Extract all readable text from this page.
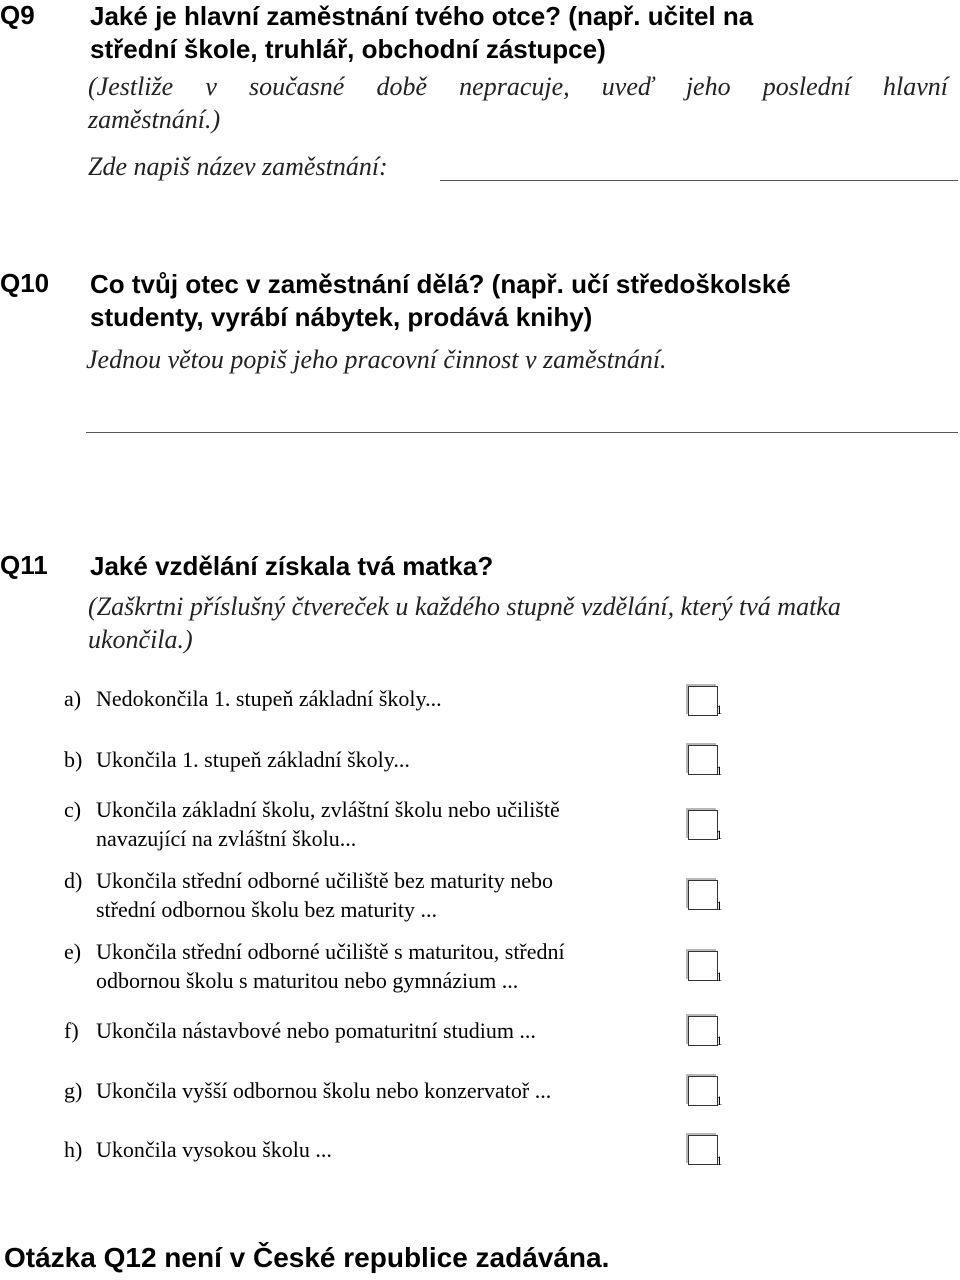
Q9 Jaké je hlavní zaměstnání tvého otce? (např. učitel na
střední škole, truhlář, obchodní zástupce)
(Jestliže v současné době nepracuje, uveď jeho poslední hlavní
zaměstnání.)
Zde napiš název zaměstnání:
Q10 Co tvůj otec v zaměstnání dělá? (např. učí středoškolské
studenty, vyrábí nábytek, prodává knihy)
Jednou větou popiš jeho pracovní činnost v zaměstnání.
Q11 Jaké vzdělání získala tvá matka?
(Zaškrtni příslušný čtvereček u každého stupně vzdělání, který tvá matka
ukončila.)
a) Nedokončila 1. stupeň základní školy...	1
b) Ukončila 1. stupeň základní školy...	1
c) Ukončila základní školu, zvláštní školu nebo učiliště
navazující na zvláštní školu...	1
d) Ukončila střední odborné učiliště bez maturity nebo
střední odbornou školu bez maturity ...	1
e) Ukončila střední odborné učiliště s maturitou, střední
odbornou školu s maturitou nebo gymnázium ...	1
f) Ukončila nástavbové nebo pomaturitní studium ...	1
g) Ukončila vyšší odbornou školu nebo konzervatoř ...	1
h) Ukončila vysokou školu ...	1
Otázka Q12 není v České republice zadávána.
